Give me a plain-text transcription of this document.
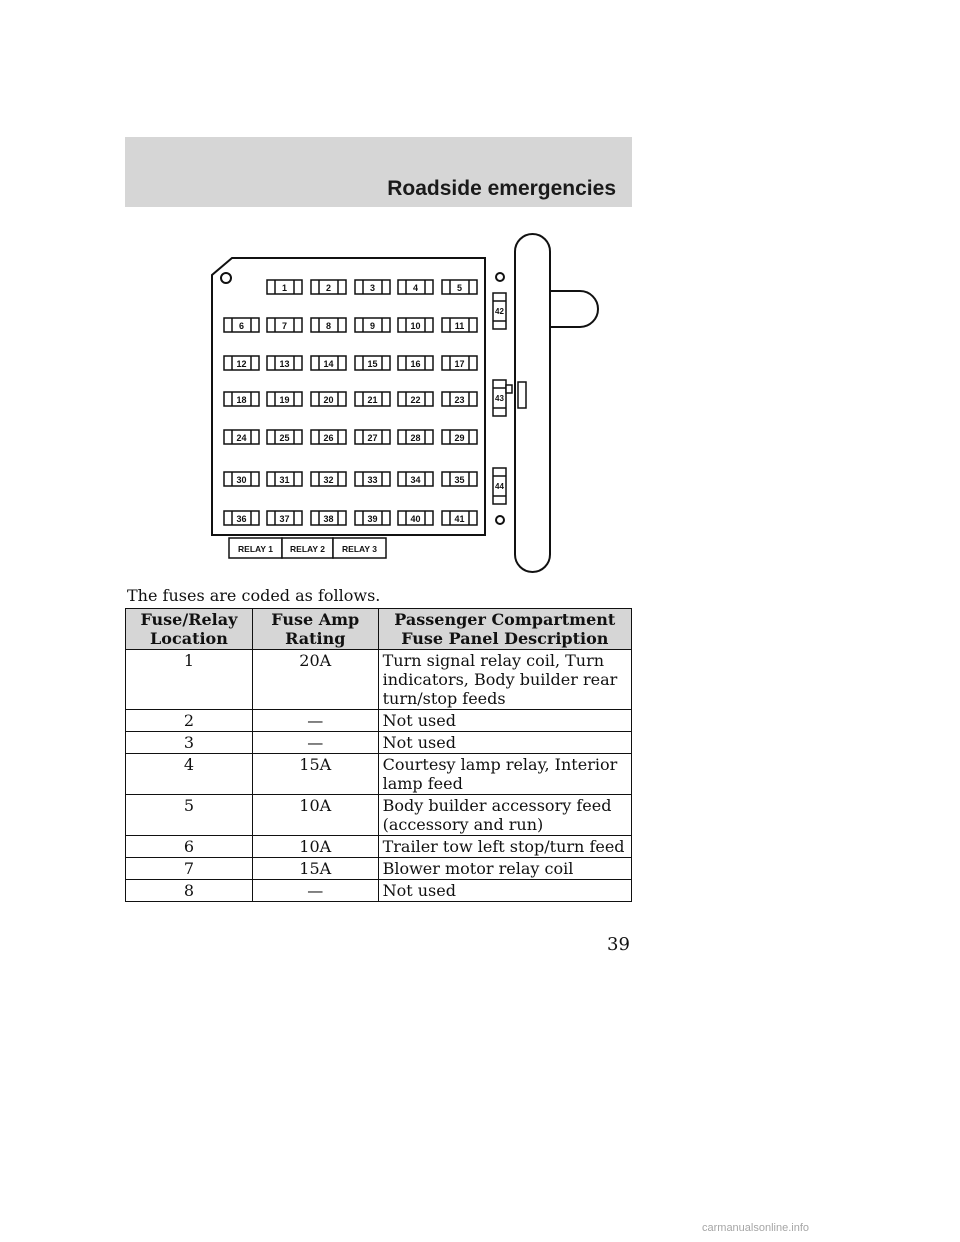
Roadside emergencies
1	2	3	4	5
6	7	8	9	10	11
12	13	14	15	16	17
18	19	20	21	22	23
24	25	26	27	28	29
30	31	32	33	34	35
36	37	38	39	40	41
42
43
44
RELAY 1 RELAY 2 RELAY 3
The fuses are coded as follows.
Fuse/Relay Location	Fuse Amp Rating	Passenger Compartment Fuse Panel Description
1	20A	Turn signal relay coil, Turn indicators, Body builder rear turn/stop feeds
2	—	Not used
3	—	Not used
4	15A	Courtesy lamp relay, Interior lamp feed
5	10A	Body builder accessory feed (accessory and run)
6	10A	Trailer tow left stop/turn feed
7	15A	Blower motor relay coil
8	—	Not used
39
carmanualsonline.info
